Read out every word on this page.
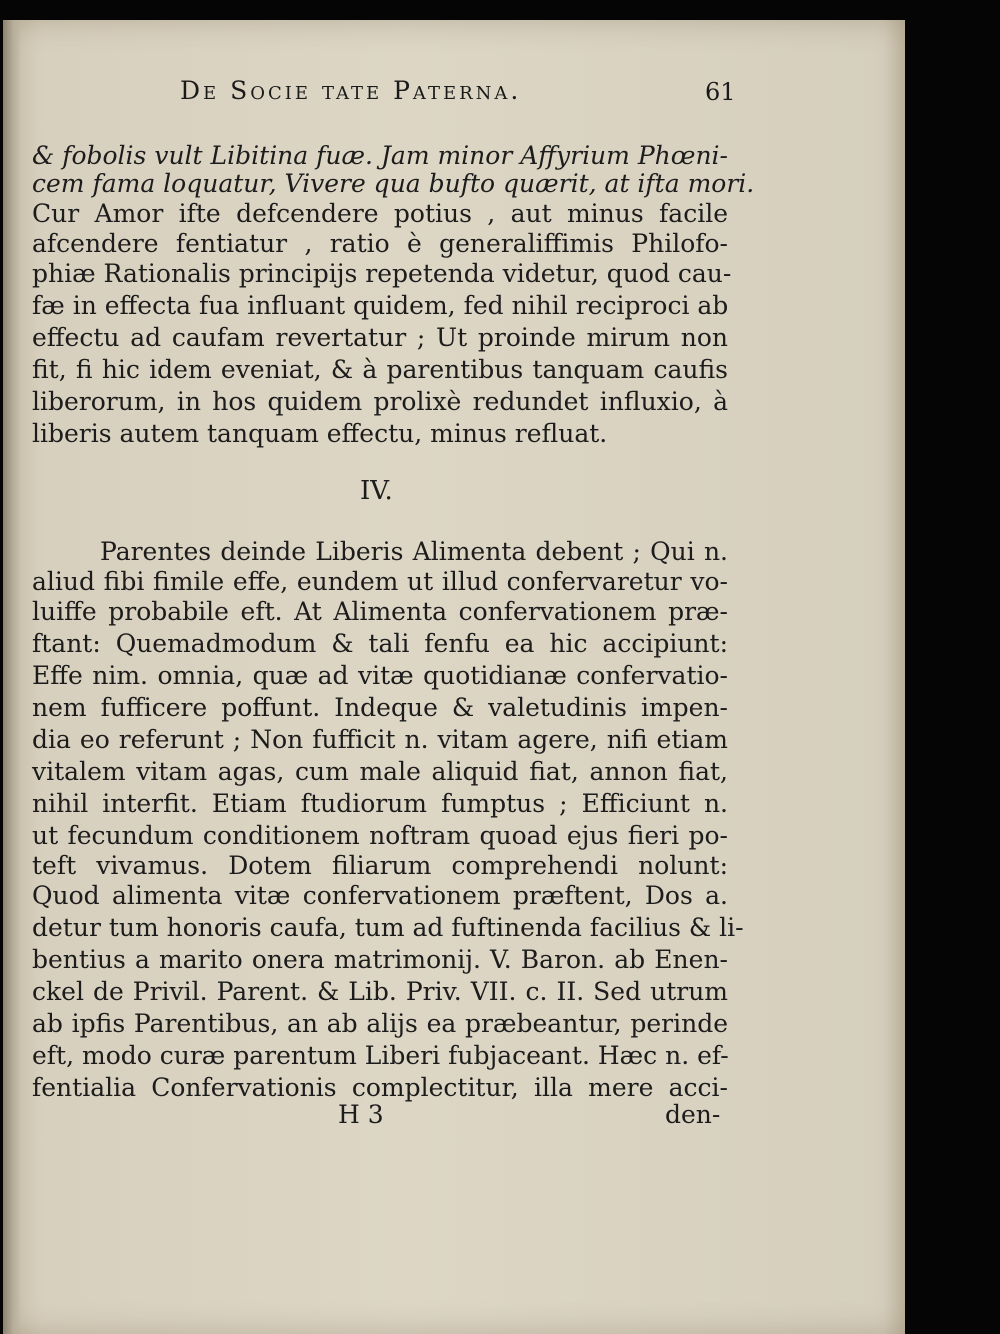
De Socie tate Paterna.	61
& fobolis vult Libitina fuæ. Jam minor Affyrium Phœni-
cem fama loquatur, Vivere qua bufto quærit, at ifta mori.
Cur Amor ifte defcendere potius , aut minus facile
afcendere fentiatur , ratio è generaliffimis Philofo-
phiæ Rationalis principijs repetenda videtur, quod cau-
fæ in effecta fua influant quidem, fed nihil reciproci ab
effectu ad caufam revertatur ; Ut proinde mirum non
fit, fi hic idem eveniat, & à parentibus tanquam caufis
liberorum, in hos quidem prolixè redundet influxio, à
liberis autem tanquam effectu, minus refluat.
IV.
Parentes deinde Liberis Alimenta debent ; Qui n.
aliud fibi fimile effe, eundem ut illud confervaretur vo-
luiffe probabile eft. At Alimenta confervationem præ-
ftant: Quemadmodum & tali fenfu ea hic accipiunt:
Effe nim. omnia, quæ ad vitæ quotidianæ confervatio-
nem fufficere poffunt. Indeque & valetudinis impen-
dia eo referunt ; Non fufficit n. vitam agere, nifi etiam
vitalem vitam agas, cum male aliquid fiat, annon fiat,
nihil interfit. Etiam ftudiorum fumptus ; Efficiunt n.
ut fecundum conditionem noftram quoad ejus fieri po-
teft vivamus. Dotem filiarum comprehendi nolunt:
Quod alimenta vitæ confervationem præftent, Dos a.
detur tum honoris caufa, tum ad fuftinenda facilius & li-
bentius a marito onera matrimonij. V. Baron. ab Enen-
ckel de Privil. Parent. & Lib. Priv. VII. c. II. Sed utrum
ab ipfis Parentibus, an ab alijs ea præbeantur, perinde
eft, modo curæ parentum Liberi fubjaceant. Hæc n. ef-
fentialia Confervationis complectitur, illa mere acci-
H 3	den-
